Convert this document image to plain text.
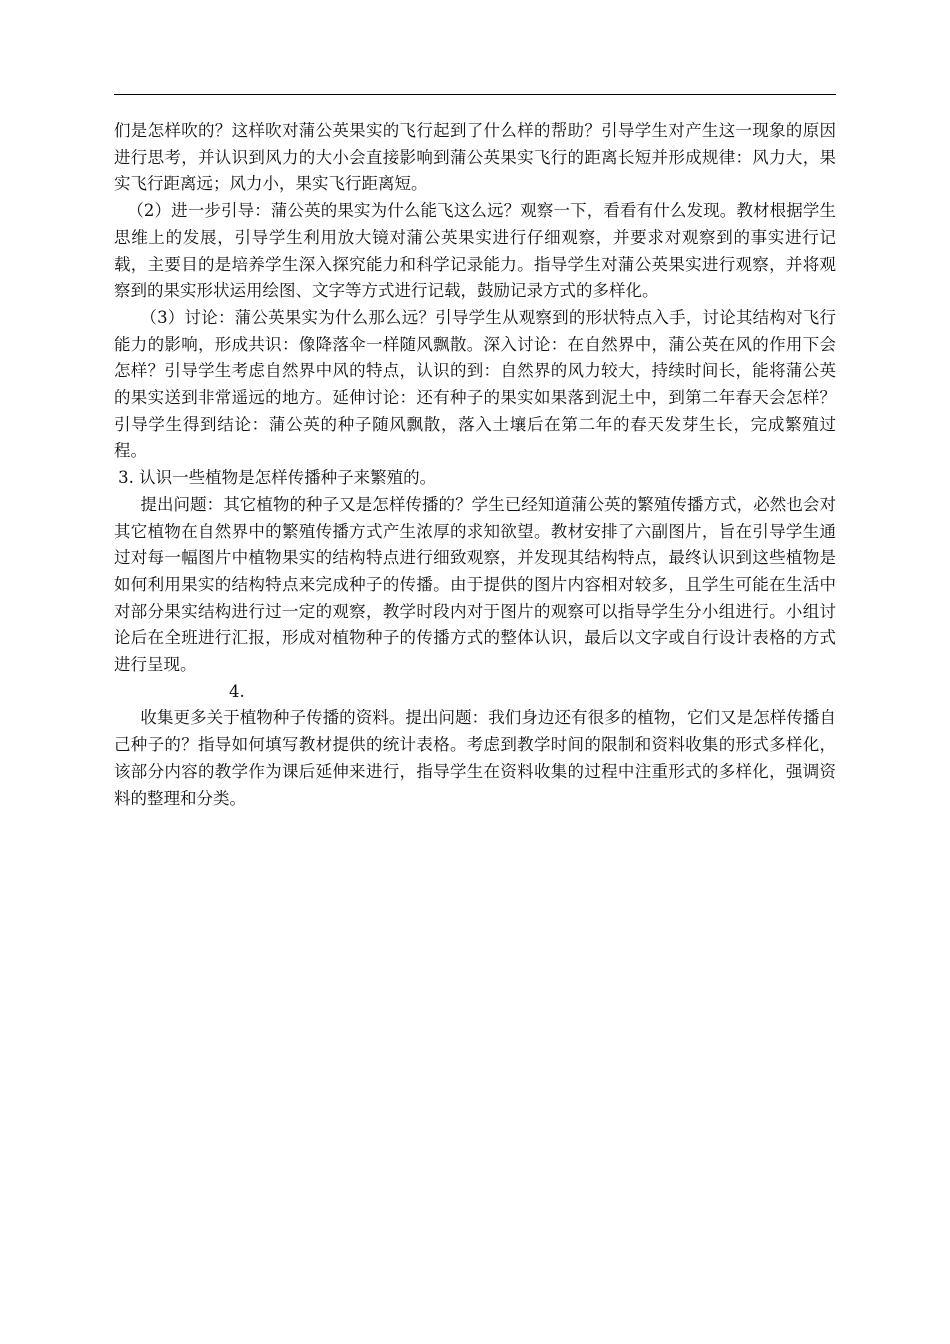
们是怎样吹的？这样吹对蒲公英果实的飞行起到了什么样的帮助？引导学生对产生这一现象的原因进行思考，并认识到风力的大小会直接影响到蒲公英果实飞行的距离长短并形成规律：风力大，果实飞行距离远；风力小，果实飞行距离短。

（2）进一步引导：蒲公英的果实为什么能飞这么远？观察一下，看看有什么发现。教材根据学生思维上的发展，引导学生利用放大镜对蒲公英果实进行仔细观察，并要求对观察到的事实进行记载，主要目的是培养学生深入探究能力和科学记录能力。指导学生对蒲公英果实进行观察，并将观察到的果实形状运用绘图、文字等方式进行记载，鼓励记录方式的多样化。

（3）讨论：蒲公英果实为什么那么远？引导学生从观察到的形状特点入手，讨论其结构对飞行能力的影响，形成共识：像降落伞一样随风飘散。深入讨论：在自然界中，蒲公英在风的作用下会怎样？引导学生考虑自然界中风的特点，认识的到：自然界的风力较大，持续时间长，能将蒲公英的果实送到非常遥远的地方。延伸讨论：还有种子的果实如果落到泥土中，到第二年春天会怎样？引导学生得到结论：蒲公英的种子随风飘散，落入土壤后在第二年的春天发芽生长，完成繁殖过程。

3. 认识一些植物是怎样传播种子来繁殖的。

提出问题：其它植物的种子又是怎样传播的？学生已经知道蒲公英的繁殖传播方式，必然也会对其它植物在自然界中的繁殖传播方式产生浓厚的求知欲望。教材安排了六副图片，旨在引导学生通过对每一幅图片中植物果实的结构特点进行细致观察，并发现其结构特点，最终认识到这些植物是如何利用果实的结构特点来完成种子的传播。由于提供的图片内容相对较多，且学生可能在生活中对部分果实结构进行过一定的观察，教学时段内对于图片的观察可以指导学生分小组进行。小组讨论后在全班进行汇报，形成对植物种子的传播方式的整体认识，最后以文字或自行设计表格的方式进行呈现。

4.

收集更多关于植物种子传播的资料。提出问题：我们身边还有很多的植物，它们又是怎样传播自己种子的？指导如何填写教材提供的统计表格。考虑到教学时间的限制和资料收集的形式多样化，该部分内容的教学作为课后延伸来进行，指导学生在资料收集的过程中注重形式的多样化，强调资料的整理和分类。
